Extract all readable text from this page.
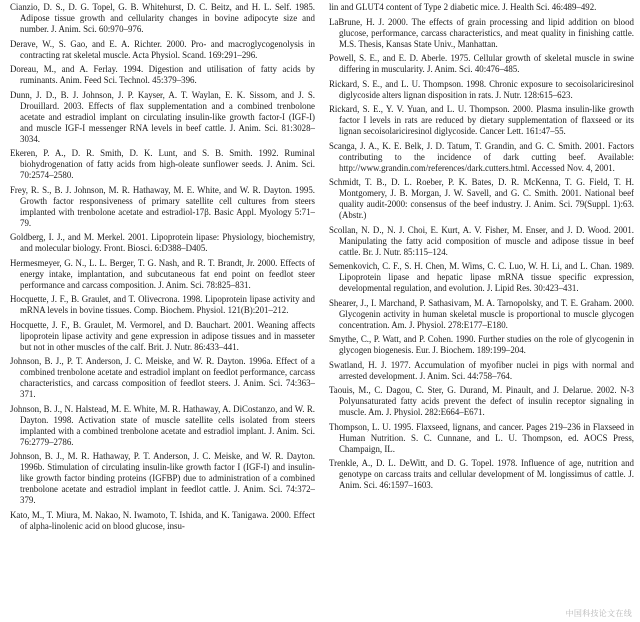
Cianzio, D. S., D. G. Topel, G. B. Whitehurst, D. C. Beitz, and H. L. Self. 1985. Adipose tissue growth and cellularity changes in bovine adipocyte size and number. J. Anim. Sci. 60:970–976.

Derave, W., S. Gao, and E. A. Richter. 2000. Pro- and macroglycogenolysis in contracting rat skeletal muscle. Acta Physiol. Scand. 169:291–296.

Doreau, M., and A. Ferlay. 1994. Digestion and utilisation of fatty acids by ruminants. Anim. Feed Sci. Technol. 45:379–396.

Dunn, J. D., B. J. Johnson, J. P. Kayser, A. T. Waylan, E. K. Sissom, and J. S. Drouillard. 2003. Effects of flax supplementation and a combined trenbolone acetate and estradiol implant on circulating insulin-like growth factor-I (IGF-I) and muscle IGF-I messenger RNA levels in beef cattle. J. Anim. Sci. 81:3028–3034.

Ekeren, P. A., D. R. Smith, D. K. Lunt, and S. B. Smith. 1992. Ruminal biohydrogenation of fatty acids from high-oleate sunflower seeds. J. Anim. Sci. 70:2574–2580.

Frey, R. S., B. J. Johnson, M. R. Hathaway, M. E. White, and W. R. Dayton. 1995. Growth factor responsiveness of primary satellite cell cultures from steers implanted with trenbolone acetate and estradiol-17β. Basic Appl. Myology 5:71–79.

Goldberg, I. J., and M. Merkel. 2001. Lipoprotein lipase: Physiology, biochemistry, and molecular biology. Front. Biosci. 6:D388–D405.

Hermesmeyer, G. N., L. L. Berger, T. G. Nash, and R. T. Brandt, Jr. 2000. Effects of energy intake, implantation, and subcutaneous fat end point on feedlot steer performance and carcass composition. J. Anim. Sci. 78:825–831.

Hocquette, J. F., B. Graulet, and T. Olivecrona. 1998. Lipoprotein lipase activity and mRNA levels in bovine tissues. Comp. Biochem. Physiol. 121(B):201–212.

Hocquette, J. F., B. Graulet, M. Vermorel, and D. Bauchart. 2001. Weaning affects lipoprotein lipase activity and gene expression in adipose tissues and in masseter but not in other muscles of the calf. Brit. J. Nutr. 86:433–441.

Johnson, B. J., P. T. Anderson, J. C. Meiske, and W. R. Dayton. 1996a. Effect of a combined trenbolone acetate and estradiol implant on feedlot performance, carcass characteristics, and carcass composition of feedlot steers. J. Anim. Sci. 74:363–371.

Johnson, B. J., N. Halstead, M. E. White, M. R. Hathaway, A. DiCostanzo, and W. R. Dayton. 1998. Activation state of muscle satellite cells isolated from steers implanted with a combined trenbolone acetate and estradiol implant. J. Anim. Sci. 76:2779–2786.

Johnson, B. J., M. R. Hathaway, P. T. Anderson, J. C. Meiske, and W. R. Dayton. 1996b. Stimulation of circulating insulin-like growth factor I (IGF-I) and insulin-like growth factor binding proteins (IGFBP) due to administration of a combined trenbolone acetate and estradiol implant in feedlot cattle. J. Anim. Sci. 74:372–379.

Kato, M., T. Miura, M. Nakao, N. Iwamoto, T. Ishida, and K. Tanigawa. 2000. Effect of alpha-linolenic acid on blood glucose, insu-

lin and GLUT4 content of Type 2 diabetic mice. J. Health Sci. 46:489–492.

LaBrune, H. J. 2000. The effects of grain processing and lipid addition on blood glucose, performance, carcass characteristics, and meat quality in finishing cattle. M.S. Thesis, Kansas State Univ., Manhattan.

Powell, S. E., and E. D. Aberle. 1975. Cellular growth of skeletal muscle in swine differing in muscularity. J. Anim. Sci. 40:476–485.

Rickard, S. E., and L. U. Thompson. 1998. Chronic exposure to secoisolariciresinol diglycoside alters lignan disposition in rats. J. Nutr. 128:615–623.

Rickard, S. E., Y. V. Yuan, and L. U. Thompson. 2000. Plasma insulin-like growth factor I levels in rats are reduced by dietary supplementation of flaxseed or its lignan secoisolariciresinol diglycoside. Cancer Lett. 161:47–55.

Scanga, J. A., K. E. Belk, J. D. Tatum, T. Grandin, and G. C. Smith. 2001. Factors contributing to the incidence of dark cutting beef. Available: http://www.grandin.com/references/dark.cutters.html. Accessed Nov. 4, 2001.

Schmidt, T. B., D. L. Roeber, P. K. Bates, D. R. McKenna, T. G. Field, T. H. Montgomery, J. B. Morgan, J. W. Savell, and G. C. Smith. 2001. National beef quality audit-2000: consensus of the beef industry. J. Anim. Sci. 79(Suppl. 1):63. (Abstr.)

Scollan, N. D., N. J. Choi, E. Kurt, A. V. Fisher, M. Enser, and J. D. Wood. 2001. Manipulating the fatty acid composition of muscle and adipose tissue in beef cattle. Br. J. Nutr. 85:115–124.

Semenkovich, C. F., S. H. Chen, M. Wims, C. C. Luo, W. H. Li, and L. Chan. 1989. Lipoprotein lipase and hepatic lipase mRNA tissue specific expression, developmental regulation, and evolution. J. Lipid Res. 30:423–431.

Shearer, J., I. Marchand, P. Sathasivam, M. A. Tarnopolsky, and T. E. Graham. 2000. Glycogenin activity in human skeletal muscle is proportional to muscle glycogen concentration. Am. J. Physiol. 278:E177–E180.

Smythe, C., P. Watt, and P. Cohen. 1990. Further studies on the role of glycogenin in glycogen biogenesis. Eur. J. Biochem. 189:199–204.

Swatland, H. J. 1977. Accumulation of myofiber nuclei in pigs with normal and arrested development. J. Anim. Sci. 44:758–764.

Taouis, M., C. Dagou, C. Ster, G. Durand, M. Pinault, and J. Delarue. 2002. N-3 Polyunsaturated fatty acids prevent the defect of insulin receptor signaling in muscle. Am. J. Physiol. 282:E664–E671.

Thompson, L. U. 1995. Flaxseed, lignans, and cancer. Pages 219–236 in Flaxseed in Human Nutrition. S. C. Cunnane, and L. U. Thompson, ed. AOCS Press, Champaign, IL.

Trenkle, A., D. L. DeWitt, and D. G. Topel. 1978. Influence of age, nutrition and genotype on carcass traits and cellular development of M. longissimus of cattle. J. Anim. Sci. 46:1597–1603.

中国科技论文在线
